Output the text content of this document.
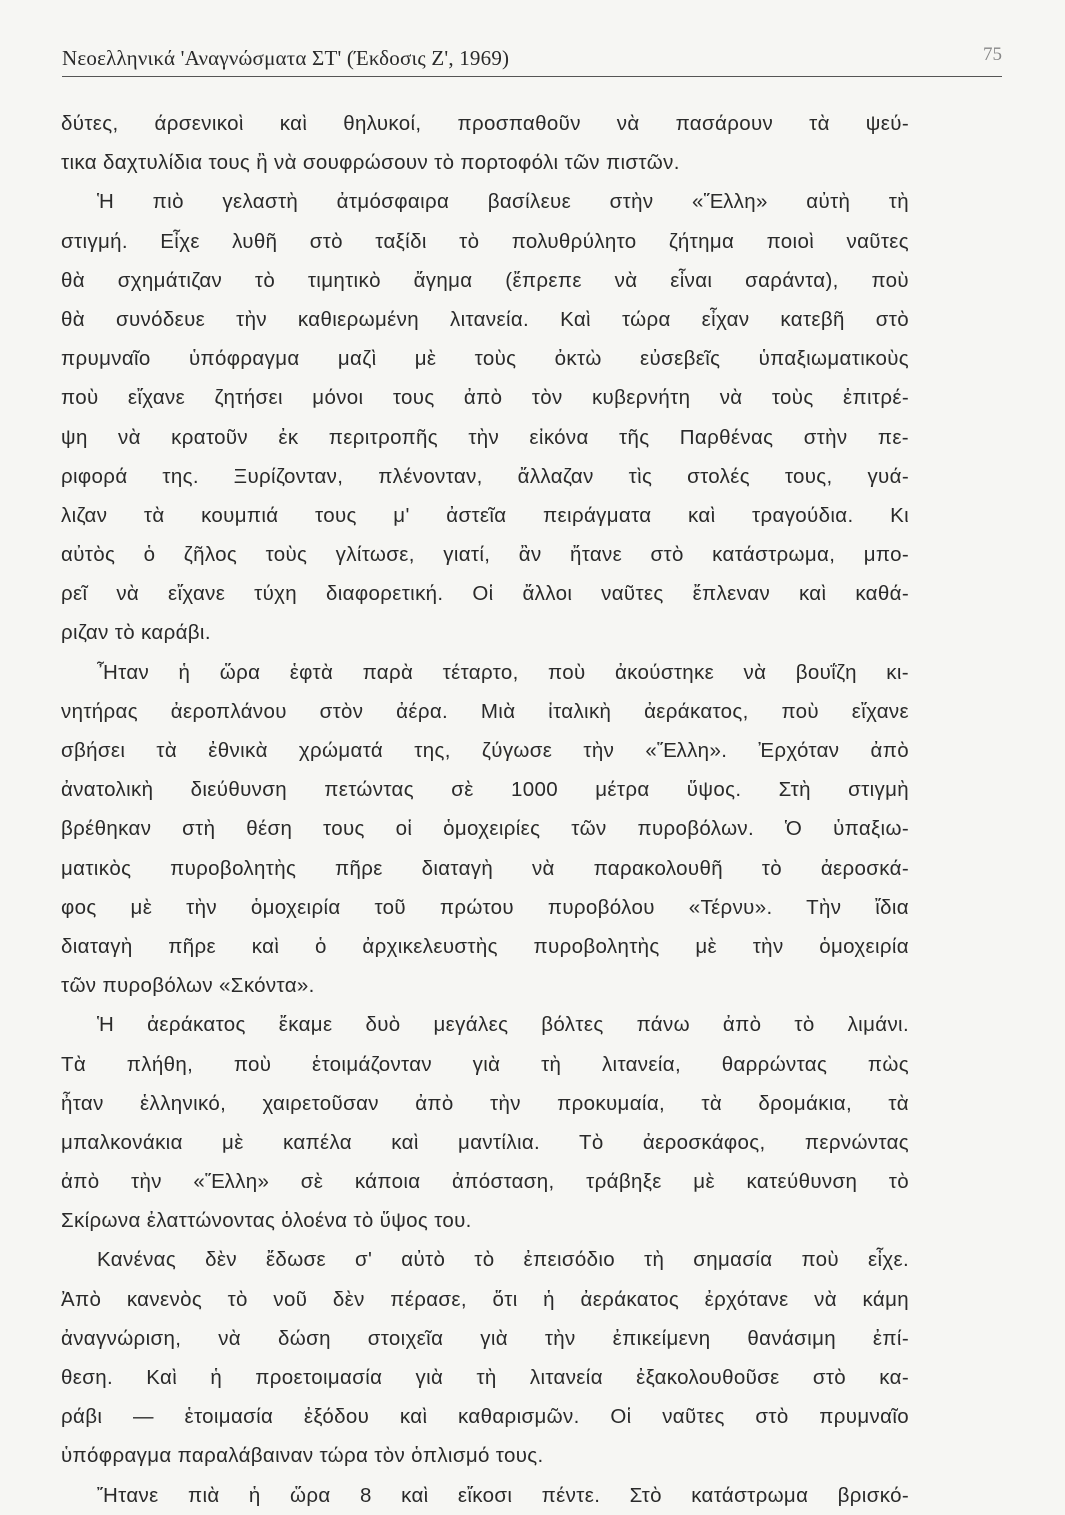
Νεοελληνικά 'Αναγνώσματα ΣΤ' (Έκδοσις Ζ', 1969)	75
δύτες, άρσενικοὶ καὶ θηλυκοί, προσπαθοῦν νὰ πασάρουν τὰ ψεύ-
τικα δαχτυλίδια τους ἢ νὰ σουφρώσουν τὸ πορτοφόλι τῶν πιστῶν.
Ἡ πιὸ γελαστὴ ἀτμόσφαιρα βασίλευε στὴν «Ἕλλη» αὐτὴ τὴ
στιγμή. Εἶχε λυθῆ στὸ ταξίδι τὸ πολυθρύλητο ζήτημα ποιοὶ ναῦτες
θὰ σχημάτιζαν τὸ τιμητικὸ ἄγημα (ἔπρεπε νὰ εἶναι σαράντα), ποὺ
θὰ συνόδευε τὴν καθιερωμένη λιτανεία. Καὶ τώρα εἶχαν κατεβῆ στὸ
πρυμναῖο ὑπόφραγμα μαζὶ μὲ τοὺς ὀκτὼ εὐσεβεῖς ὑπαξιωματικοὺς
ποὺ εἴχανε ζητήσει μόνοι τους ἀπὸ τὸν κυβερνήτη νὰ τοὺς ἐπιτρέ-
ψη νὰ κρατοῦν ἐκ περιτροπῆς τὴν εἰκόνα τῆς Παρθένας στὴν πε-
ριφορά της. Ξυρίζονταν, πλένονταν, ἄλλαζαν τὶς στολές τους, γυά-
λιζαν τὰ κουμπιά τους μ' ἀστεῖα πειράγματα καὶ τραγούδια. Κι
αὐτὸς ὁ ζῆλος τοὺς γλίτωσε, γιατί, ἂν ἤτανε στὸ κατάστρωμα, μπο-
ρεῖ νὰ εἴχανε τύχη διαφορετική. Οἱ ἄλλοι ναῦτες ἔπλεναν καὶ καθά-
ριζαν τὸ καράβι.
Ἦταν ἡ ὥρα ἑφτὰ παρὰ τέταρτο, ποὺ ἀκούστηκε νὰ βουΐζη κι-
νητήρας ἀεροπλάνου στὸν ἀέρα. Μιὰ ἰταλικὴ ἀεράκατος, ποὺ εἴχανε
σβήσει τὰ ἐθνικὰ χρώματά της, ζύγωσε τὴν «Ἕλλη». Ἐρχόταν ἀπὸ
ἀνατολικὴ διεύθυνση πετώντας σὲ 1000 μέτρα ὕψος. Στὴ στιγμὴ
βρέθηκαν στὴ θέση τους οἱ ὁμοχειρίες τῶν πυροβόλων. Ὁ ὑπαξιω-
ματικὸς πυροβολητὴς πῆρε διαταγὴ νὰ παρακολουθῆ τὸ ἀεροσκά-
φος μὲ τὴν ὁμοχειρία τοῦ πρώτου πυροβόλου «Τέρνυ». Τὴν ἴδια
διαταγὴ πῆρε καὶ ὁ ἀρχικελευστὴς πυροβολητὴς μὲ τὴν ὁμοχειρία
τῶν πυροβόλων «Σκόντα».
Ἡ ἀεράκατος ἔκαμε δυὸ μεγάλες βόλτες πάνω ἀπὸ τὸ λιμάνι.
Τὰ πλήθη, ποὺ ἑτοιμάζονταν γιὰ τὴ λιτανεία, θαρρώντας πὼς
ἦταν ἑλληνικό, χαιρετοῦσαν ἀπὸ τὴν προκυμαία, τὰ δρομάκια, τὰ
μπαλκονάκια μὲ καπέλα καὶ μαντίλια. Τὸ ἀεροσκάφος, περνώντας
ἀπὸ τὴν «Ἕλλη» σὲ κάποια ἀπόσταση, τράβηξε μὲ κατεύθυνση τὸ
Σκίρωνα ἐλαττώνοντας ὁλοένα τὸ ὕψος του.
Κανένας δὲν ἔδωσε σ' αὐτὸ τὸ ἐπεισόδιο τὴ σημασία ποὺ εἶχε.
Ἀπὸ κανενὸς τὸ νοῦ δὲν πέρασε, ὅτι ἡ ἀεράκατος ἐρχότανε νὰ κάμη
ἀναγνώριση, νὰ δώση στοιχεῖα γιὰ τὴν ἐπικείμενη θανάσιμη ἐπί-
θεση. Καὶ ἡ προετοιμασία γιὰ τὴ λιτανεία ἐξακολουθοῦσε στὸ κα-
ράβι — ἑτοιμασία ἐξόδου καὶ καθαρισμῶν. Οἱ ναῦτες στὸ πρυμναῖο
ὑπόφραγμα παραλάβαιναν τώρα τὸν ὁπλισμό τους.
Ἤτανε πιὰ ἡ ὥρα 8 καὶ εἴκοσι πέντε. Στὸ κατάστρωμα βρισκό-
